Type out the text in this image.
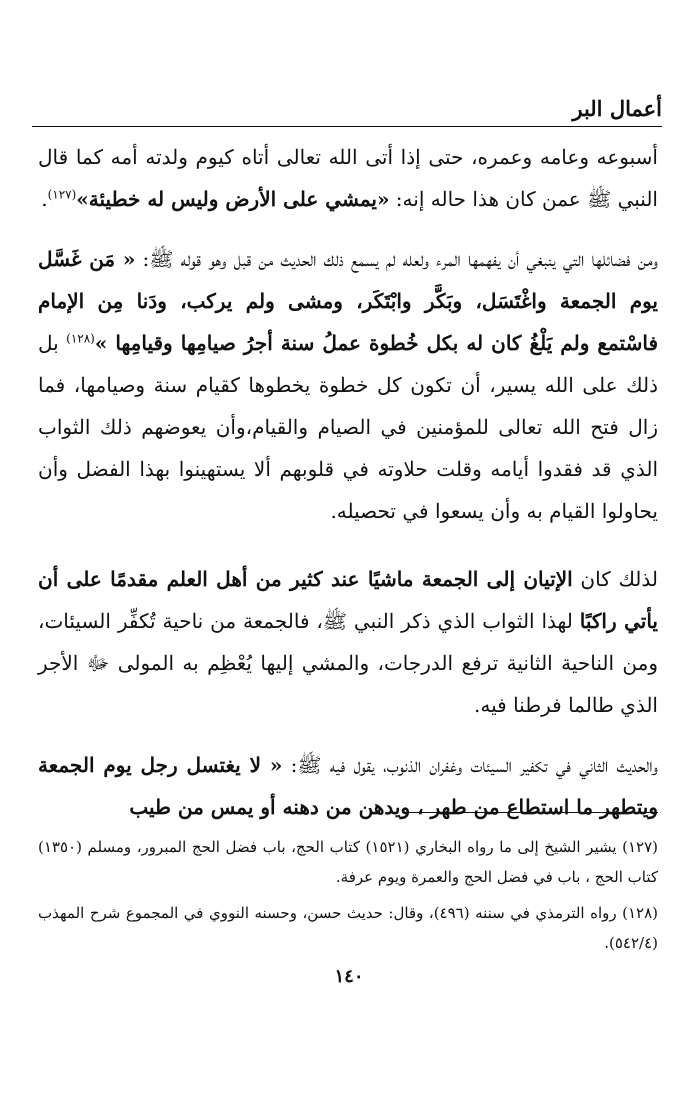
أعمال البر

أسبوعه وعامه وعمره، حتى إذا أتى الله تعالى أتاه كيوم ولدته أمه كما قال النبي ﷺ عمن كان هذا حاله إنه: «يمشي على الأرض وليس له خطيئة»$^{(١٢٧)}$.

ومن فضائلها التي ينبغي أن يفهمها المرء ولعله لم يسمع ذلك الحديث من قبل وهو قوله ﷺ: « مَن غَسَّل يوم الجمعة واغْتَسَل، وبَكَّر وابْتَكَر، ومشى ولم يركب، ودَنا مِن الإمام فاسْتمع ولم يَلْغُ كان له بكل خُطوة عملُ سنة أجرُ صيامِها وقيامِها »$^{(١٢٨)}$ بل ذلك على الله يسير، أن تكون كل خطوة يخطوها كقيام سنة وصيامها، فما زال فتح الله تعالى للمؤمنين في الصيام والقيام،وأن يعوضهم ذلك الثواب الذي قد فقدوا أيامه وقلت حلاوته في قلوبهم ألا يستهينوا بهذا الفضل وأن يحاولوا القيام به وأن يسعوا في تحصيله.

لذلك كان الإتيان إلى الجمعة ماشيًا عند كثير من أهل العلم مقدمًا على أن يأتي راكبًا لهذا الثواب الذي ذكر النبي ﷺ، فالجمعة من ناحية تُكفِّر السيئات، ومن الناحية الثانية ترفع الدرجات، والمشي إليها يُعْظِم به المولى ﷻ الأجر الذي طالما فرطنا فيه.

والحديث الثاني في تكفير السيئات وغفران الذنوب، يقول فيه ﷺ: « لا يغتسل رجل يوم الجمعة ويتطهر ما استطاع من طهر ، ويدهن من دهنه أو يمس من طيب

(١٢٧) يشير الشيخ إلى ما رواه البخاري (١٥٢١) كتاب الحج، باب فضل الحج المبرور، ومسلم (١٣٥٠) كتاب الحج ، باب في فضل الحج والعمرة ويوم عرفة.

(١٢٨) رواه الترمذي في سننه (٤٩٦)، وقال: حديث حسن، وحسنه النووي في المجموع شرح المهذب (٥٤٢/٤).

١٤٠
